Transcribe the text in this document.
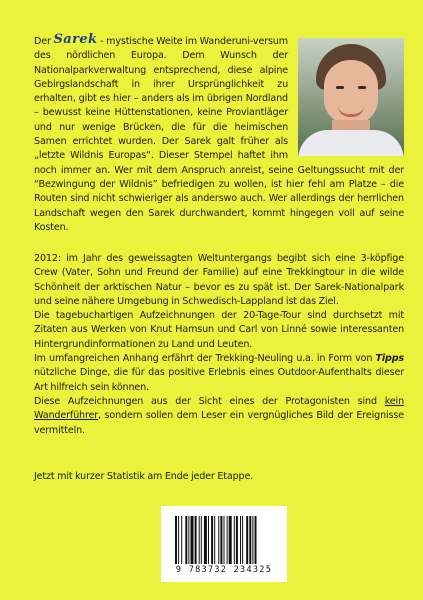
Der Sarek - mystische Weite im Wanderuni-versum des nördlichen Europa. Dem Wunsch der Nationalparkverwaltung entsprechend, diese alpine Gebirgslandschaft in ihrer Ursprünglichkeit zu erhalten, gibt es hier – anders als im übrigen Nordland – bewusst keine Hüttenstationen, keine Proviantläger und nur wenige Brücken, die für die heimischen Samen errichtet wurden. Der Sarek galt früher als „letzte Wildnis Europas“. Dieser Stempel haftet ihm noch immer an. Wer mit dem Anspruch anreist, seine Geltungssucht mit der “Bezwingung der Wildnis” befriedigen zu wollen, ist hier fehl am Platze – die Routen sind nicht schwieriger als anderswo auch. Wer allerdings der herrlichen Landschaft wegen den Sarek durchwandert, kommt hingegen voll auf seine Kosten.

2012: im Jahr des geweissagten Weltuntergangs begibt sich eine 3-köpfige Crew (Vater, Sohn und Freund der Familie) auf eine Trekkingtour in die wilde Schönheit der arktischen Natur – bevor es zu spät ist. Der Sarek-Nationalpark und seine nähere Umgebung in Schwedisch-Lappland ist das Ziel.

Die tagebuchartigen Aufzeichnungen der 20-Tage-Tour sind durchsetzt mit Zitaten aus Werken von Knut Hamsun und Carl von Linné sowie interessanten Hintergrundinformationen zu Land und Leuten.

Im umfangreichen Anhang erfährt der Trekking-Neuling u.a. in Form von Tipps nützliche Dinge, die für das positive Erlebnis eines Outdoor-Aufenthalts dieser Art hilfreich sein können.

Diese Aufzeichnungen aus der Sicht eines der Protagonisten sind kein Wanderführer, sondern sollen dem Leser ein vergnügliches Bild der Ereignisse vermitteln.

Jetzt mit kurzer Statistik am Ende jeder Etappe.
9 783732 234325
